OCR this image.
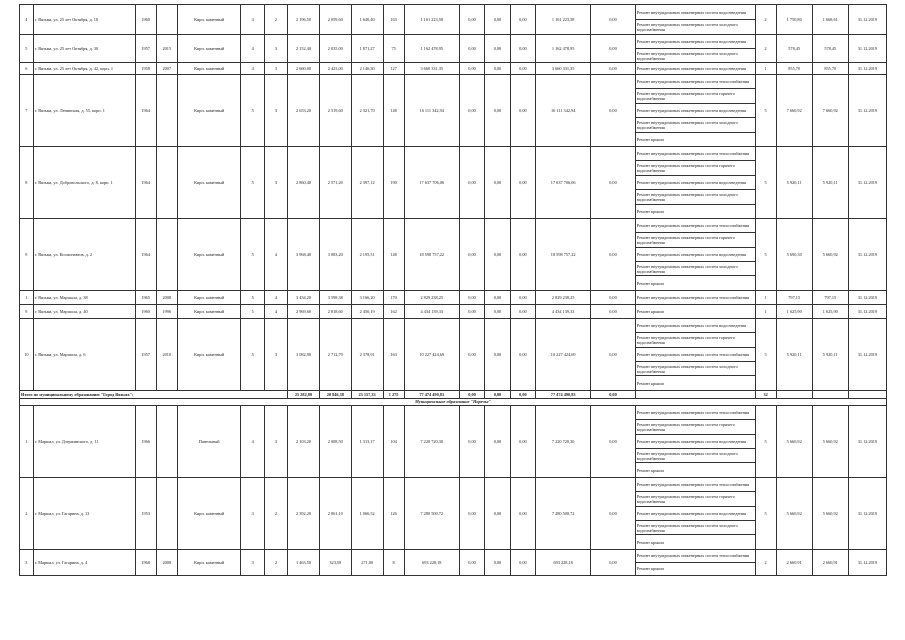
4	г. Вязьма, ул. 25 лет Октября, д. 18	1960		Кирп. каменный	4	2	2 196,50	2 059,60	1 640,40	163	1 161 223,58	0,00	0,00	0,00	1 161 223,58	0,00	Ремонт внутридомовых инженерных систем водоотведения	2	1 750,80	1 668,61	31.12.2019
																	Ремонт внутридомовых инженерных систем холодного водоснабжения				
5	г. Вязьма, ул. 25 лет Октября, д. 30	1957	2015	Кирп. каменный	4	3	2 152,40	2 035,00	1 871,27	75	1 162 478,95	0,00	0,00	0,00	1 162 478,95	0,00	Ремонт внутридомовых инженерных систем водоотведения	2	578,45	578,45	31.12.2019
																	Ремонт внутридомовых инженерных систем холодного водоснабжения				
6	г. Вязьма, ул. 25 лет Октября, д. 42, корп. 1	1958	2007	Кирп. каменный	4	3	2 660,00	2 423,00	2 146,30	127	3 660 331,35	0,00	0,00	0,00	3 660 331,35	0,00	Ремонт внутридомовых инженерных систем водоотведения	1	855,70	855,70	31.12.2019
7	г. Вязьма, ул. Ленинская, д. 55, корп. 1	1964		Кирп. каменный	5	3	2 653,20	2 519,60	2 321,70	148	16 111 342,94	0,00	0,00	0,00	16 111 342,94	0,00	Ремонт внутридомовых инженерных систем теплоснабжения	5	7 660,92	7 660,92	31.12.2019
																	Ремонт внутридомовых инженерных систем горячего водоснабжения				
																	Ремонт внутридомовых инженерных систем водоотведения				
																	Ремонт внутридомовых инженерных систем холодного водоснабжения				
																	Ремонт крыши				
8	г. Вязьма, ул. Добровольского, д. 8, корп. 1	1964		Кирп. каменный	5	3	2 860,40	2 571,20	2 397,12	190	17 637 706,06	0,00	0,00	0,00	17 637 706,06	0,00	Ремонт внутридомовых инженерных систем теплоснабжения	5	5 920,11	5 920,11	31.12.2019
																	Ремонт внутридомовых инженерных систем горячего водоснабжения				
																	Ремонт внутридомовых инженерных систем водоотведения				
																	Ремонт внутридомовых инженерных систем холодного водоснабжения				
																	Ремонт крыши				
9	г. Вязьма, ул. Космонавтов, д. 2	1964		Кирп. каменный	5	4	3 968,40	3 083,20	2 195,51	148	18 598 757,22	0,00	0,00	0,00	18 598 757,22	0,00	Ремонт внутридомовых инженерных систем теплоснабжения	5	5 690,30	5 660,92	31.12.2019
																	Ремонт внутридомовых инженерных систем горячего водоснабжения				
																	Ремонт внутридомовых инженерных систем водоотведения				
																	Ремонт внутридомовых инженерных систем холодного водоснабжения				
																	Ремонт крыши				
1	г. Вязьма, ул. Маршала, д. 38	1965	2008	Кирп. каменный	5	4	3 434,20	3 598,38	3 166,20	170	2 829 238,25	0,00	0,00	0,00	2 829 238,25	0,00	Ремонт внутридомовых инженерных систем теплоснабжения	1	797,15	797,15	31.12.2019
9	г. Вязьма, ул. Маршала, д. 40	1960	1996	Кирп. каменный	5	4	2 969,60	2 818,60	2 450,19	162	4 434 139,33	0,00	0,00	0,00	4 434 139,33	0,00	Ремонт крыши	1	1 625,90	1 625,90	31.12.2019
10	г. Вязьма, ул. Маршала, д. 6	1957	2010	Кирп. каменный	5	3	3 082,90	2 712,70	2 378,91	163	10 227 424,69	0,00	0,00	0,00	10 227 424,69	0,00	Ремонт внутридомовых инженерных систем водоотведения	5	5 920,11	5 920,11	31.12.2019
																	Ремонт внутридомовых инженерных систем горячего водоснабжения				
																	Ремонт внутридомовых инженерных систем теплоснабжения				
																	Ремонт внутридомовых инженерных систем холодного водоснабжения				
																	Ремонт крыши				
Итого по муниципальному образованию "Город Вязьма":							25 282,80	20 846,38	23 157,33	1 275	77 474 490,83	0,00	0,00	0,00	77 474 490,83	0,00		32			
Муниципальное образование "Наречье"																					
1	г. Маршал, ул. Дзержинского, д. 11	1966		Панельный	4	3	2 103,20	2 008,50	1 313,17	104	7 220 720,30	0,00	0,00	0,00	7 220 720,30	0,00	Ремонт внутридомовых инженерных систем теплоснабжения	5	5 660,92	5 660,92	31.12.2019
																	Ремонт внутридомовых инженерных систем горячего водоснабжения				
																	Ремонт внутридомовых инженерных систем водоотведения				
																	Ремонт внутридомовых инженерных систем холодного водоснабжения				
																	Ремонт крыши				
2	г. Маршал, ул. Гагарина, д. 13	1953		Кирп. каменный	3	2	2 392,20	2 061,10	1 066,52	126	7 280 500,72	0,00	0,00	0,00	7 280 500,72	0,00	Ремонт внутридомовых инженерных систем теплоснабжения	5	5 660,92	5 660,92	31.12.2019
																	Ремонт внутридомовых инженерных систем горячего водоснабжения				
																	Ремонт внутридомовых инженерных систем водоотведения				
																	Ремонт внутридомовых инженерных систем холодного водоснабжения				
																	Ремонт крыши				
3	г. Маршал, ул. Гагарина, д. 4	1968	2008	Кирп. каменный	3	2	1 463,50	323,50	271,00	8	693 228,18	0,00	0,00	0,00	693 228,18	0,00	Ремонт внутридомовых инженерных систем теплоснабжения	2	2 660,91	2 660,91	31.12.2019
																	Ремонт крыши				
